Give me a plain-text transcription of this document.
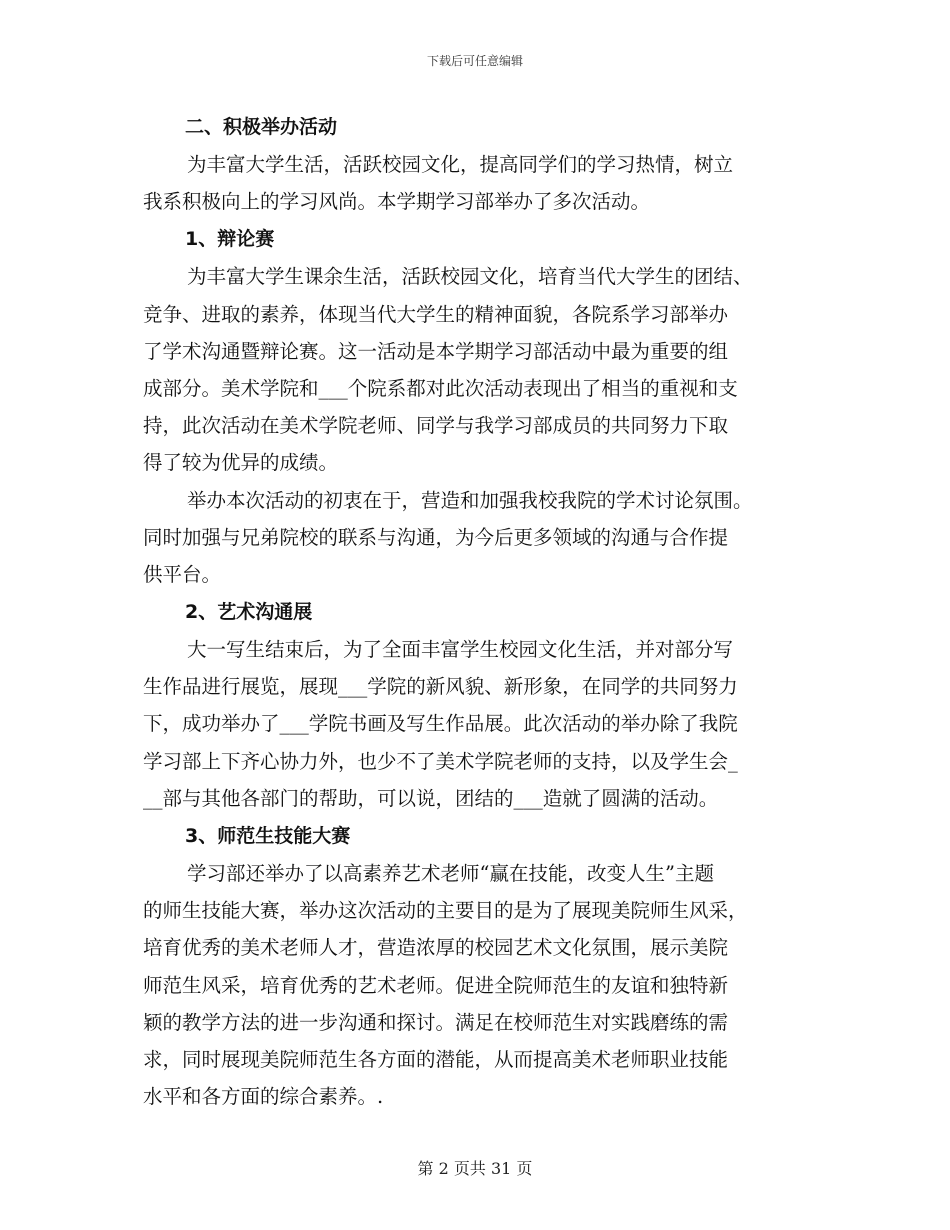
下载后可任意编辑
二、积极举办活动
为丰富大学生活，活跃校园文化，提高同学们的学习热情，树立
我系积极向上的学习风尚。本学期学习部举办了多次活动。
1、辩论赛
为丰富大学生课余生活，活跃校园文化，培育当代大学生的团结、
竞争、进取的素养，体现当代大学生的精神面貌，各院系学习部举办
了学术沟通暨辩论赛。这一活动是本学期学习部活动中最为重要的组
成部分。美术学院和___个院系都对此次活动表现出了相当的重视和支
持，此次活动在美术学院老师、同学与我学习部成员的共同努力下取
得了较为优异的成绩。
举办本次活动的初衷在于，营造和加强我校我院的学术讨论氛围。
同时加强与兄弟院校的联系与沟通，为今后更多领域的沟通与合作提
供平台。
2、艺术沟通展
大一写生结束后，为了全面丰富学生校园文化生活，并对部分写
生作品进行展览，展现___学院的新风貌、新形象，在同学的共同努力
下，成功举办了___学院书画及写生作品展。此次活动的举办除了我院
学习部上下齐心协力外，也少不了美术学院老师的支持，以及学生会_
__部与其他各部门的帮助，可以说，团结的___造就了圆满的活动。
3、师范生技能大赛
学习部还举办了以高素养艺术老师“赢在技能，改变人生”主题
的师生技能大赛，举办这次活动的主要目的是为了展现美院师生风采，
培育优秀的美术老师人才，营造浓厚的校园艺术文化氛围，展示美院
师范生风采，培育优秀的艺术老师。促进全院师范生的友谊和独特新
颖的教学方法的进一步沟通和探讨。满足在校师范生对实践磨练的需
求，同时展现美院师范生各方面的潜能，从而提高美术老师职业技能
水平和各方面的综合素养。.
第 2 页共 31 页
